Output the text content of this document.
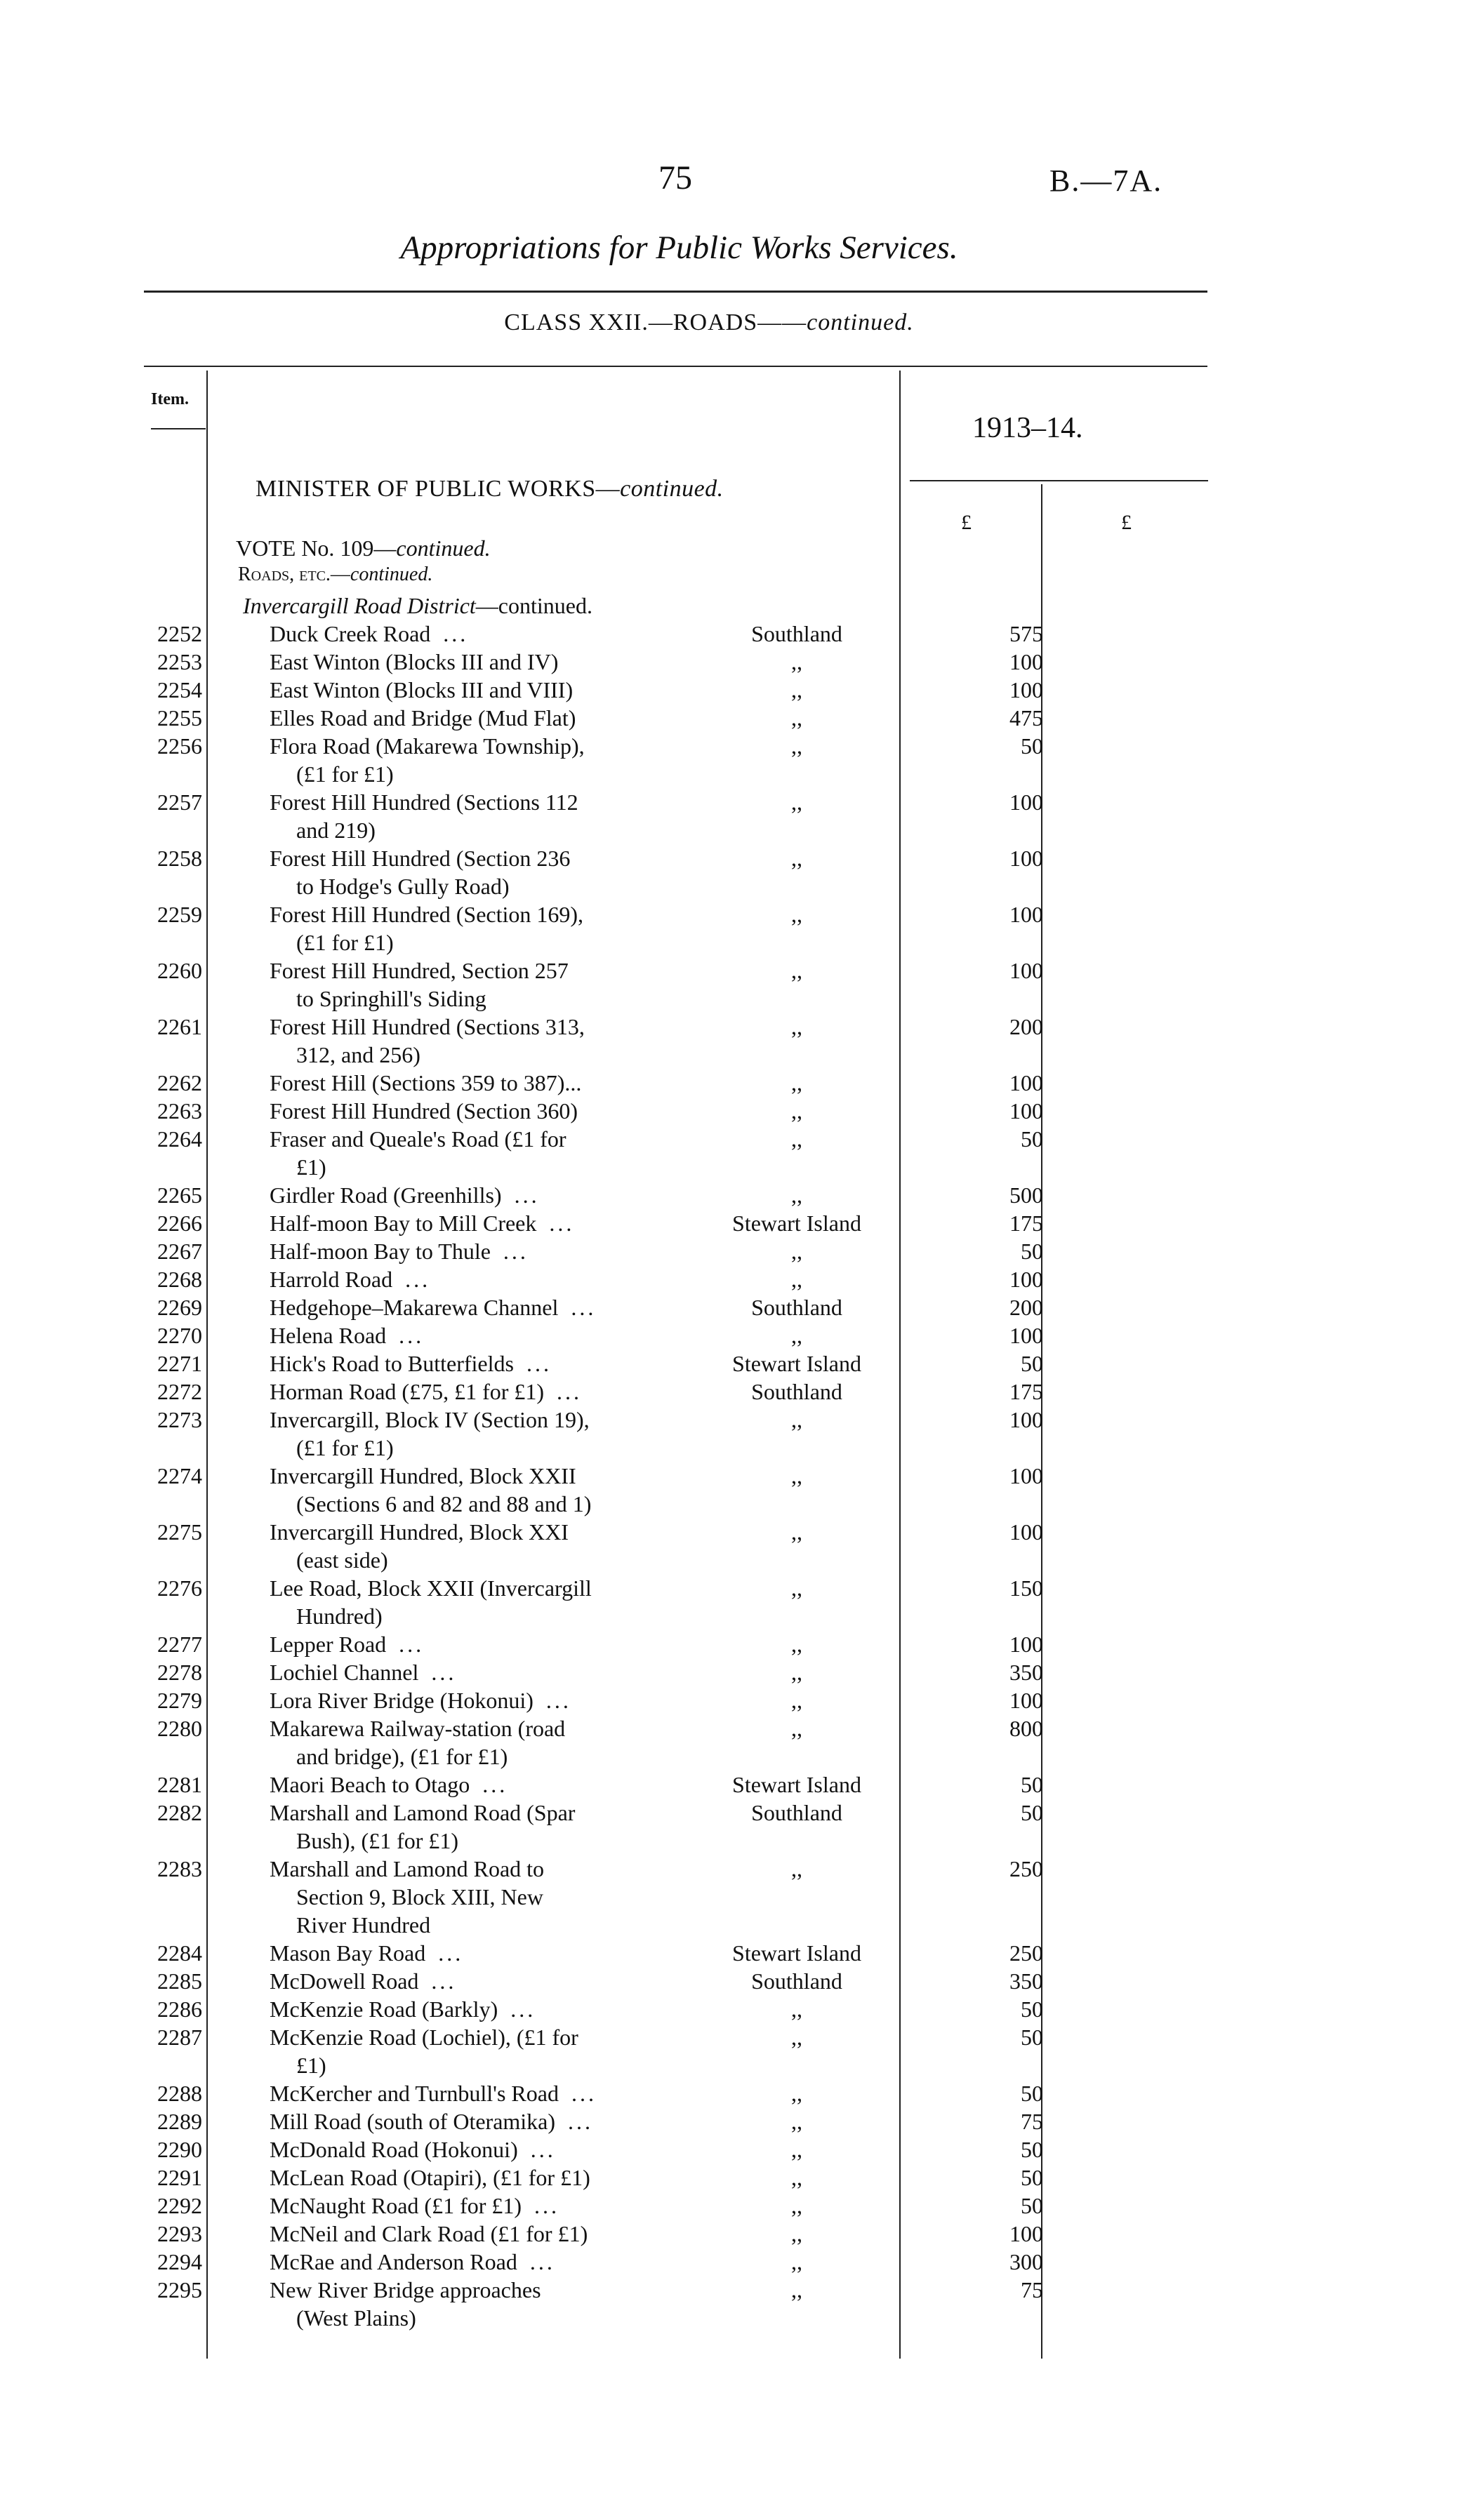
75	B.—7A.
Appropriations for Public Works Services.
CLASS XXII.—ROADS——continued.
Item.
1913–14.
£	£
MINISTER OF PUBLIC WORKS—continued.
VOTE No. 109—continued.
Roads, etc.—continued.
Invercargill Road District—continued.
2252	Duck Creek Road ...	Southland	575
2253	East Winton (Blocks III and IV)	,,	100
2254	East Winton (Blocks III and VIII)	,,	100
2255	Elles Road and Bridge (Mud Flat)	,,	475
2256	Flora Road (Makarewa Township),
(£1 for £1)
,,	50
2257	Forest Hill Hundred (Sections 112
and 219)
,,	100
2258	Forest Hill Hundred (Section 236
to Hodge's Gully Road)
,,	100
2259	Forest Hill Hundred (Section 169),
(£1 for £1)
,,	100
2260	Forest Hill Hundred, Section 257
to Springhill's Siding
,,	100
2261	Forest Hill Hundred (Sections 313,
312, and 256)
,,	200
2262	Forest Hill (Sections 359 to 387)...	,,	100
2263	Forest Hill Hundred (Section 360)	,,	100
2264	Fraser and Queale's Road (£1 for
£1)
,,	50
2265	Girdler Road (Greenhills) ...	,,	500
2266	Half-moon Bay to Mill Creek ...	Stewart Island	175
2267	Half-moon Bay to Thule ...	,,	50
2268	Harrold Road ...	,,	100
2269	Hedgehope–Makarewa Channel ...	Southland	200
2270	Helena Road ...	,,	100
2271	Hick's Road to Butterfields ...	Stewart Island	50
2272	Horman Road (£75, £1 for £1) ...	Southland	175
2273	Invercargill, Block IV (Section 19),
(£1 for £1)
,,	100
2274	Invercargill Hundred, Block XXII
(Sections 6 and 82 and 88 and 1)
,,	100
2275	Invercargill Hundred, Block XXI
(east side)
,,	100
2276	Lee Road, Block XXII (Invercargill
Hundred)
,,	150
2277	Lepper Road ...	,,	100
2278	Lochiel Channel ...	,,	350
2279	Lora River Bridge (Hokonui) ...	,,	100
2280	Makarewa Railway-station (road
and bridge), (£1 for £1)
,,	800
2281	Maori Beach to Otago ...	Stewart Island	50
2282	Marshall and Lamond Road (Spar
Bush), (£1 for £1)
Southland	50
2283	Marshall and Lamond Road to
Section 9, Block XIII, New
River Hundred
,,	250
2284	Mason Bay Road ...	Stewart Island	250
2285	McDowell Road ...	Southland	350
2286	McKenzie Road (Barkly) ...	,,	50
2287	McKenzie Road (Lochiel), (£1 for
£1)
,,	50
2288	McKercher and Turnbull's Road ...	,,	50
2289	Mill Road (south of Oteramika) ...	,,	75
2290	McDonald Road (Hokonui) ...	,,	50
2291	McLean Road (Otapiri), (£1 for £1)	,,	50
2292	McNaught Road (£1 for £1) ...	,,	50
2293	McNeil and Clark Road (£1 for £1)	,,	100
2294	McRae and Anderson Road ...	,,	300
2295	New River Bridge approaches
(West Plains)
,,	75
